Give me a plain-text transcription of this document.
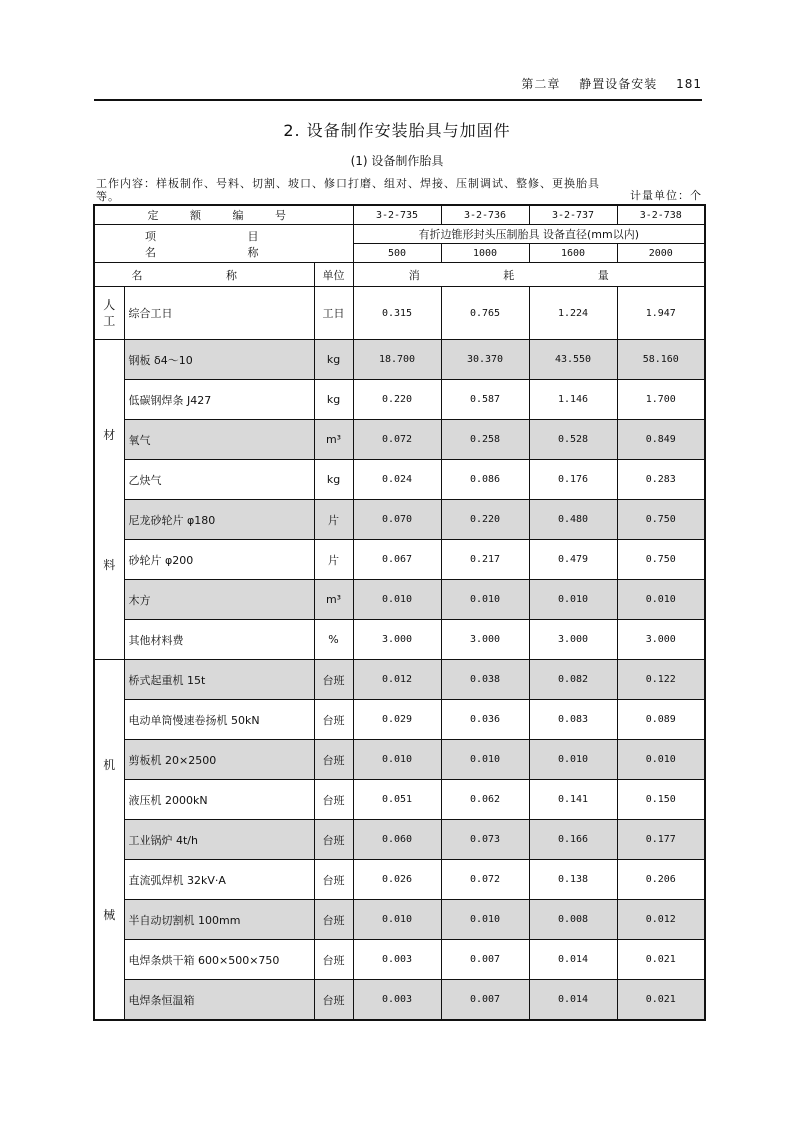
第二章 静置设备安装 181
2. 设备制作安装胎具与加固件
(1) 设备制作胎具
工作内容：样板制作、号料、切割、坡口、修口打磨、组对、焊接、压制调试、整修、更换胎具等。	计量单位：个
定 额 编 号			3-2-735	3-2-736	3-2-737	3-2-738
项 目 名 称			有折边锥形封头压制胎具 设备直径(mm以内)			
			500	1000	1600	2000
名 称		单位	消 耗 量			
人工	综合工日	工日	0.315	0.765	1.224	1.947

材
料	钢板 δ4～10	kg	18.700	30.370	43.550	58.160
	低碳钢焊条 J427	kg	0.220	0.587	1.146	1.700
	氧气	m³	0.072	0.258	0.528	0.849
	乙炔气	kg	0.024	0.086	0.176	0.283
	尼龙砂轮片 φ180	片	0.070	0.220	0.480	0.750
	砂轮片 φ200	片	0.067	0.217	0.479	0.750
	木方	m³	0.010	0.010	0.010	0.010
	其他材料费	%	3.000	3.000	3.000	3.000

机
械	桥式起重机 15t	台班	0.012	0.038	0.082	0.122
	电动单筒慢速卷扬机 50kN	台班	0.029	0.036	0.083	0.089
	剪板机 20×2500	台班	0.010	0.010	0.010	0.010
	液压机 2000kN	台班	0.051	0.062	0.141	0.150
	工业锅炉 4t/h	台班	0.060	0.073	0.166	0.177
	直流弧焊机 32kV·A	台班	0.026	0.072	0.138	0.206
	半自动切割机 100mm	台班	0.010	0.010	0.008	0.012
	电焊条烘干箱 600×500×750	台班	0.003	0.007	0.014	0.021
	电焊条恒温箱	台班	0.003	0.007	0.014	0.021
